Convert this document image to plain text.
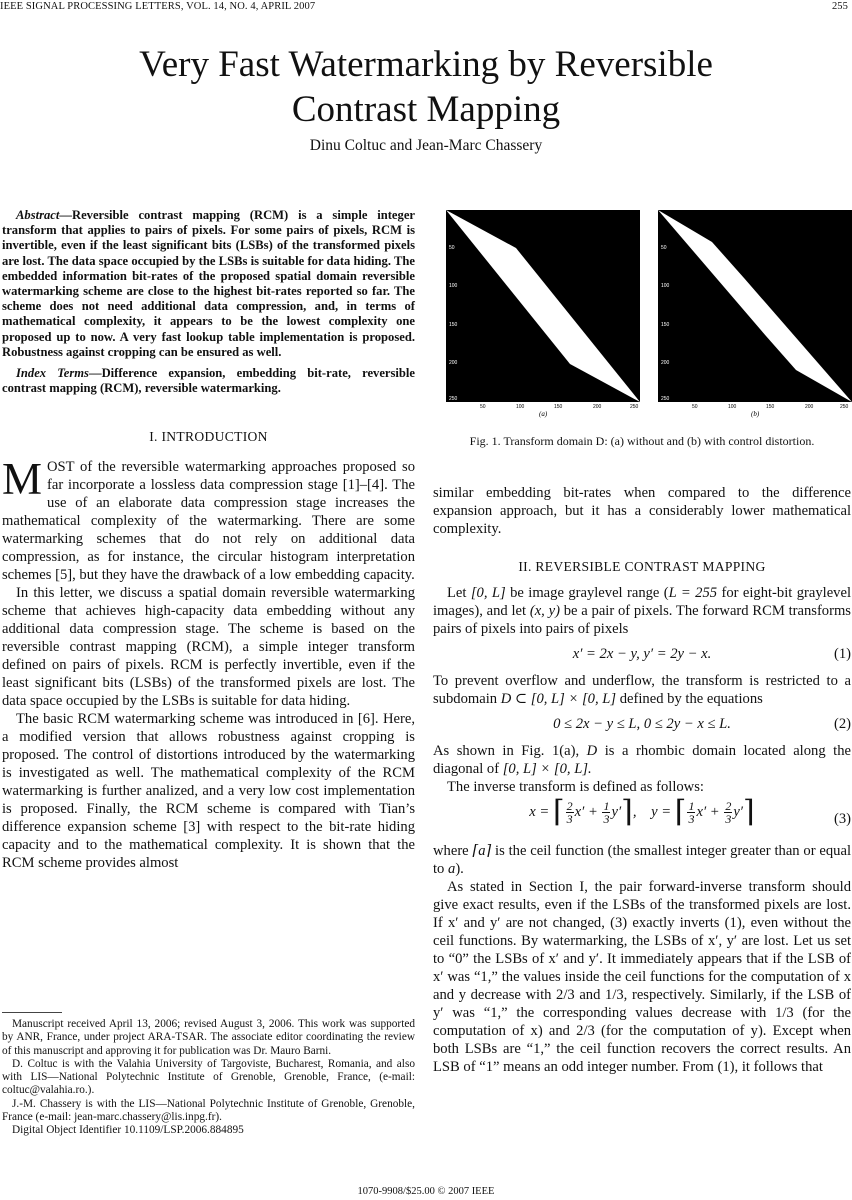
IEEE SIGNAL PROCESSING LETTERS, VOL. 14, NO. 4, APRIL 2007	255
Very Fast Watermarking by Reversible
Contrast Mapping
Dinu Coltuc and Jean-Marc Chassery

Abstract—Reversible contrast mapping (RCM) is a simple integer transform that applies to pairs of pixels. For some pairs of pixels, RCM is invertible, even if the least significant bits (LSBs) of the transformed pixels are lost. The data space occupied by the LSBs is suitable for data hiding. The embedded information bit-rates of the proposed spatial domain reversible watermarking scheme are close to the highest bit-rates reported so far. The scheme does not need additional data compression, and, in terms of mathematical complexity, it appears to be the lowest complexity one proposed up to now. A very fast lookup table implementation is proposed. Robustness against cropping can be ensured as well.

Index Terms—Difference expansion, embedding bit-rate, reversible contrast mapping (RCM), reversible watermarking.

I. INTRODUCTION

MOST of the reversible watermarking approaches proposed so far incorporate a lossless data compression stage [1]–[4]. The use of an elaborate data compression stage increases the mathematical complexity of the watermarking. There are some watermarking schemes that do not rely on additional data compression, as for instance, the circular histogram interpretation schemes [5], but they have the drawback of a low embedding capacity.

In this letter, we discuss a spatial domain reversible watermarking scheme that achieves high-capacity data embedding without any additional data compression stage. The scheme is based on the reversible contrast mapping (RCM), a simple integer transform defined on pairs of pixels. RCM is perfectly invertible, even if the least significant bits (LSBs) of the transformed pixels are lost. The data space occupied by the LSBs is suitable for data hiding.

The basic RCM watermarking scheme was introduced in [6]. Here, a modified version that allows robustness against cropping is proposed. The control of distortions introduced by the watermarking is investigated as well. The mathematical complexity of the RCM watermarking is further analized, and a very low cost implementation is proposed. Finally, the RCM scheme is compared with Tian’s difference expansion scheme [3] with respect to the bit-rate hiding capacity and to the mathematical complexity. It is shown that the RCM scheme provides almost

Manuscript received April 13, 2006; revised August 3, 2006. This work was supported by ANR, France, under project ARA-TSAR. The associate editor coordinating the review of this manuscript and approving it for publication was Dr. Mauro Barni.

D. Coltuc is with the Valahia University of Targoviste, Bucharest, Romania, and also with LIS—National Polytechnic Institute of Grenoble, Grenoble, France, (e-mail: coltuc@valahia.ro.).

J.-M. Chassery is with the LIS—National Polytechnic Institute of Grenoble, Grenoble, France (e-mail: jean-marc.chassery@lis.inpg.fr).

Digital Object Identifier 10.1109/LSP.2006.884895

50
100
150
200
250
50	100	150	200	250
(a)
50
100
150
200
250
50	100	150	200	250
(b)
Fig. 1. Transform domain D: (a) without and (b) with control distortion.

similar embedding bit-rates when compared to the difference expansion approach, but it has a considerably lower mathematical complexity.

II. REVERSIBLE CONTRAST MAPPING

Let [0, L] be image graylevel range (L = 255 for eight-bit graylevel images), and let (x, y) be a pair of pixels. The forward RCM transforms pairs of pixels into pairs of pixels

x′ = 2x − y, y′ = 2y − x.	(1)

To prevent overflow and underflow, the transform is restricted to a subdomain D ⊂ [0, L] × [0, L] defined by the equations

0 ≤ 2x − y ≤ L, 0 ≤ 2y − x ≤ L.	(2)

As shown in Fig. 1(a), D is a rhombic domain located along the diagonal of [0, L] × [0, L].

The inverse transform is defined as follows:

x = ⌈ $\frac{2}{3} x' + \frac{1}{3}$ y′⌉,    y = ⌈ $\frac{1}{3} x' + \frac{2}{3}$ y′⌉	(3)

where ⌈a⌉ is the ceil function (the smallest integer greater than or equal to a).

As stated in Section I, the pair forward-inverse transform should give exact results, even if the LSBs of the transformed pixels are lost. If x′ and y′ are not changed, (3) exactly inverts (1), even without the ceil functions. By watermarking, the LSBs of x′, y′ are lost. Let us set to “0” the LSBs of x′ and y′. It immediately appears that if the LSB of x′ was “1,” the values inside the ceil functions for the computation of x and y decrease with 2/3 and 1/3, respectively. Similarly, if the LSB of y′ was “1,” the corresponding values decrease with 1/3 (for the computation of x) and 2/3 (for the computation of y). Except when both LSBs are “1,” the ceil function recovers the correct results. An LSB of “1” means an odd integer number. From (1), it follows that

1070-9908/$25.00 © 2007 IEEE
